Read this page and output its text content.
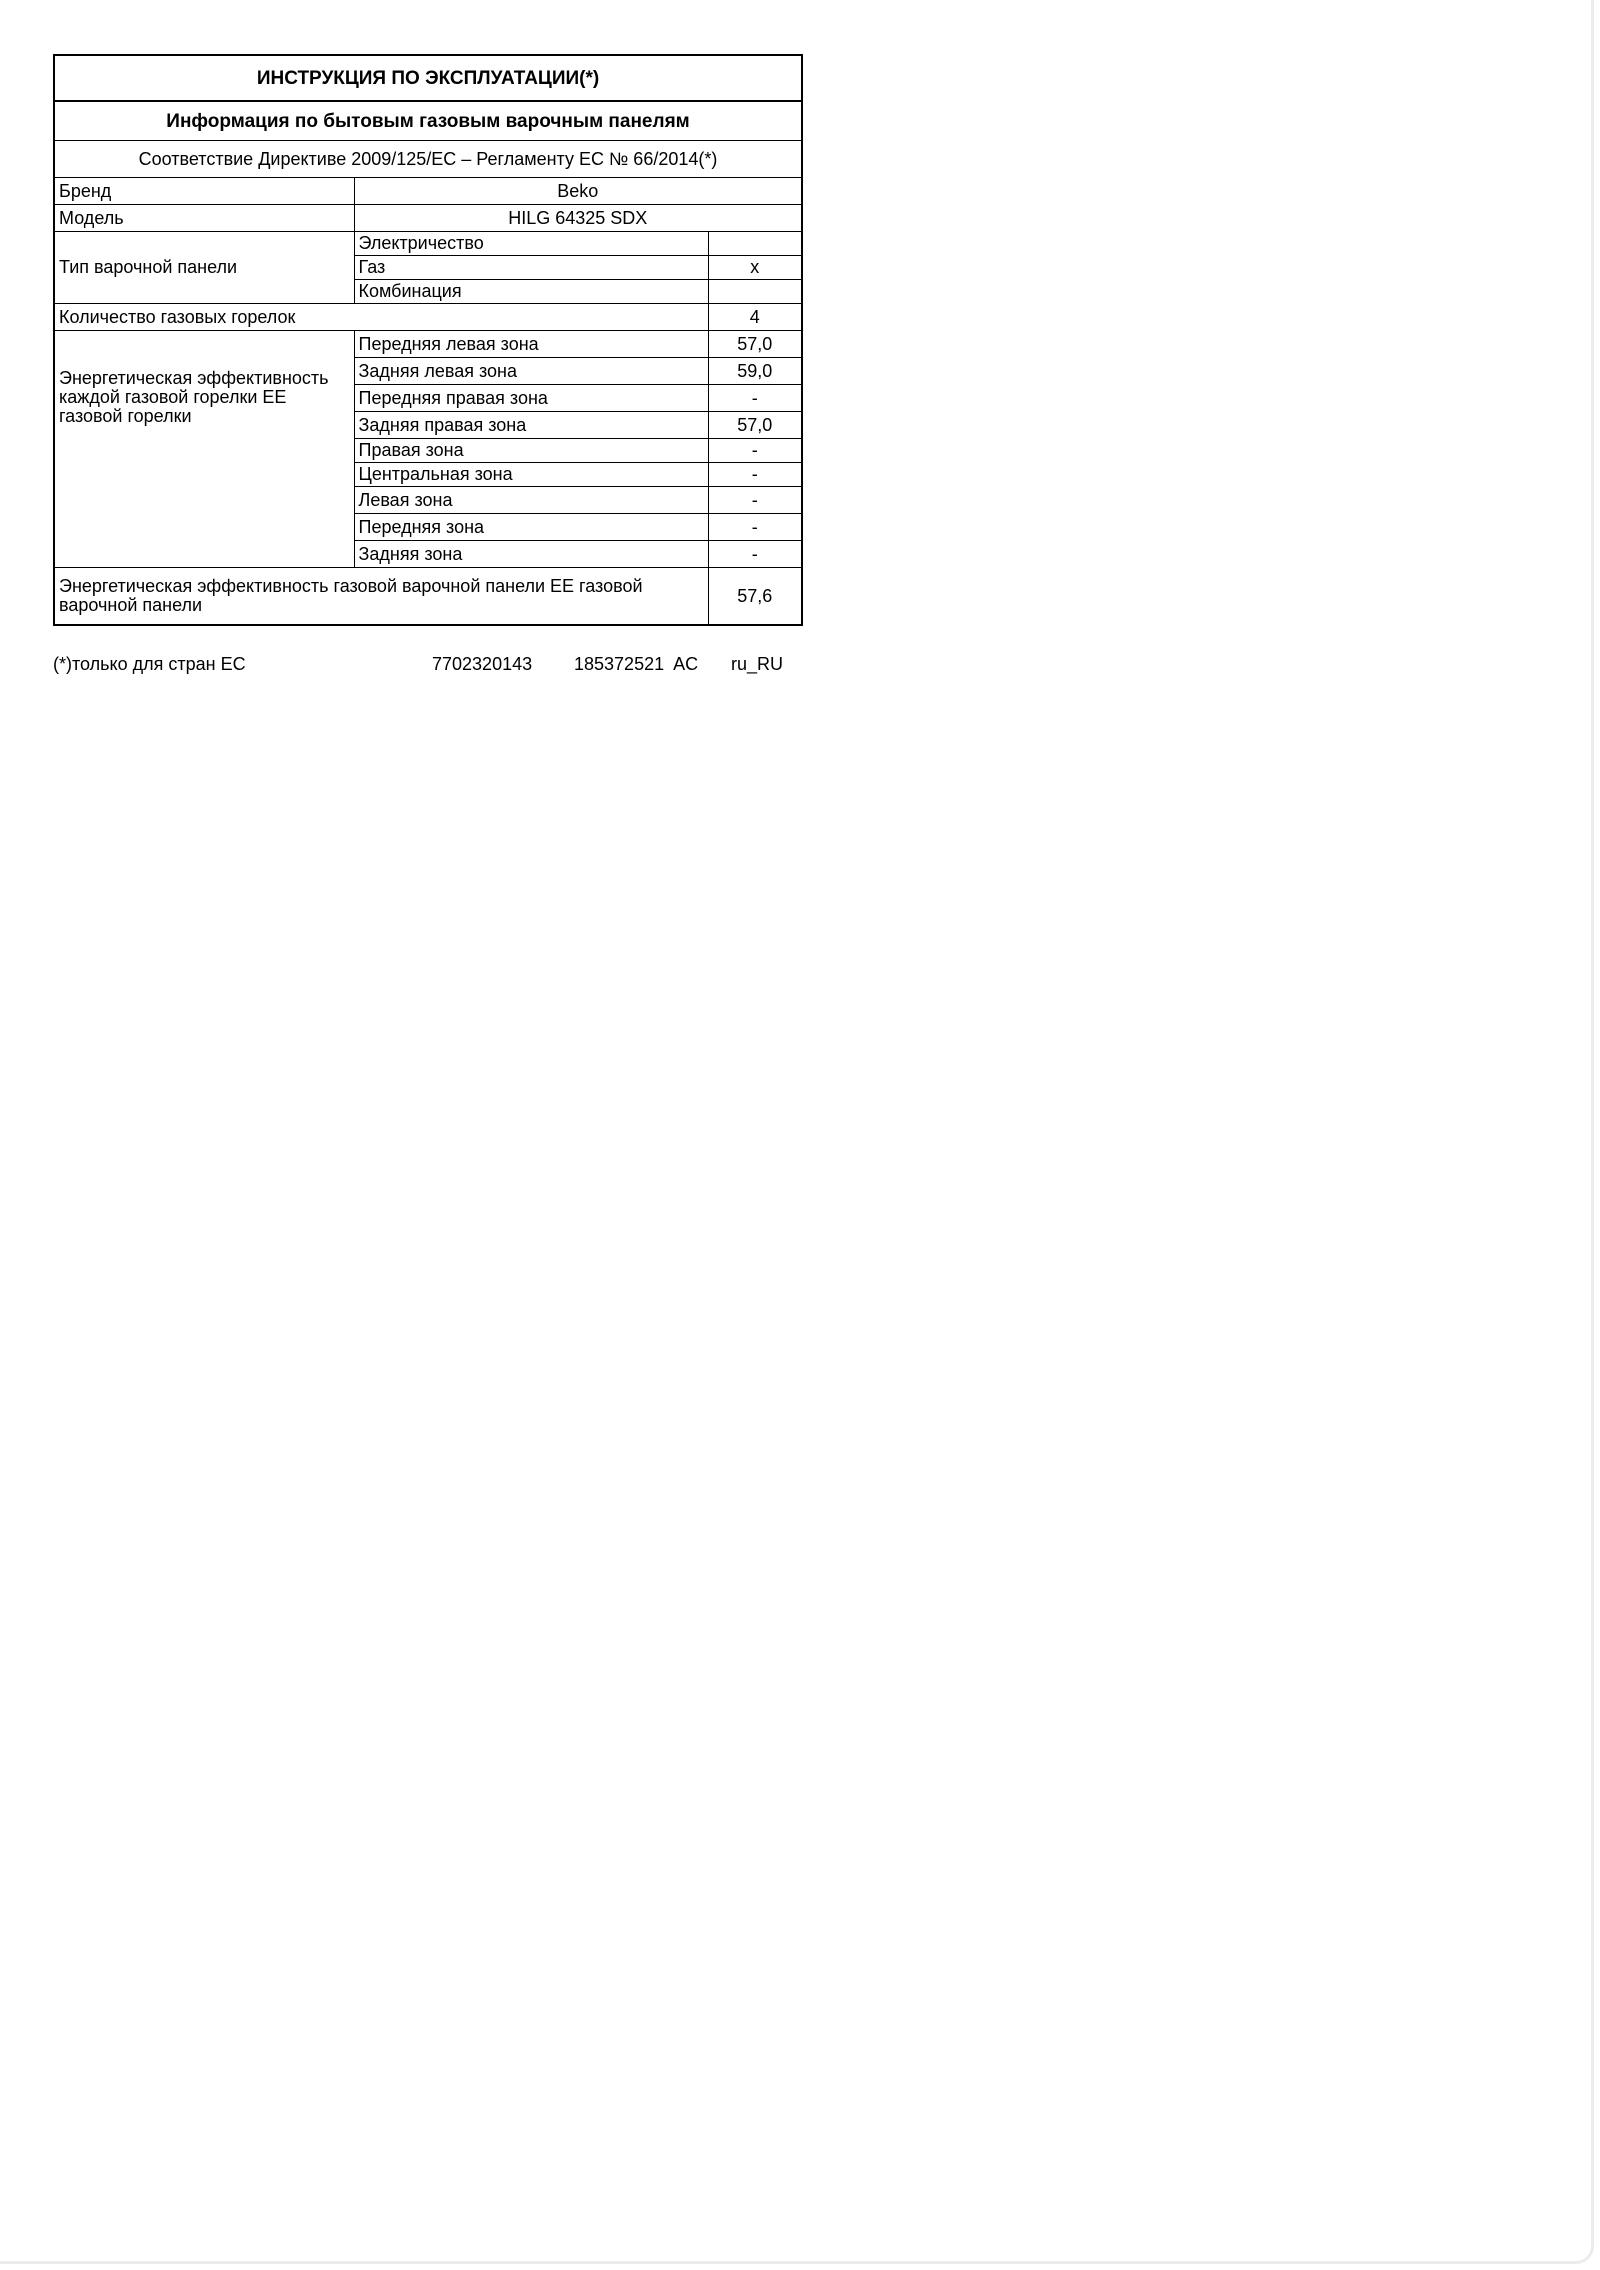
ИНСТРУКЦИЯ ПО ЭКСПЛУАТАЦИИ(*)		
Информация по бытовым газовым варочным панелям		
Соответствие Директиве 2009/125/EC – Регламенту ЕС № 66/2014(*)		
Бренд	Beko	
Модель	HILG 64325 SDX	
Тип варочной панели	Электричество	
	Газ	x
	Комбинация	
Количество газовых горелок		4
Энергетическая эффективность каждой газовой горелки EE газовой горелки	Передняя левая зона	57,0
	Задняя левая зона	59,0
	Передняя правая зона	-
	Задняя правая зона	57,0
	Правая зона	-
	Центральная зона	-
	Левая зона	-
	Передняя зона	-
	Задняя зона	-
Энергетическая эффективность газовой варочной панели EE газовой варочной панели		57,6
(*)только для стран ЕС	7702320143 185372521  AC ru_RU
